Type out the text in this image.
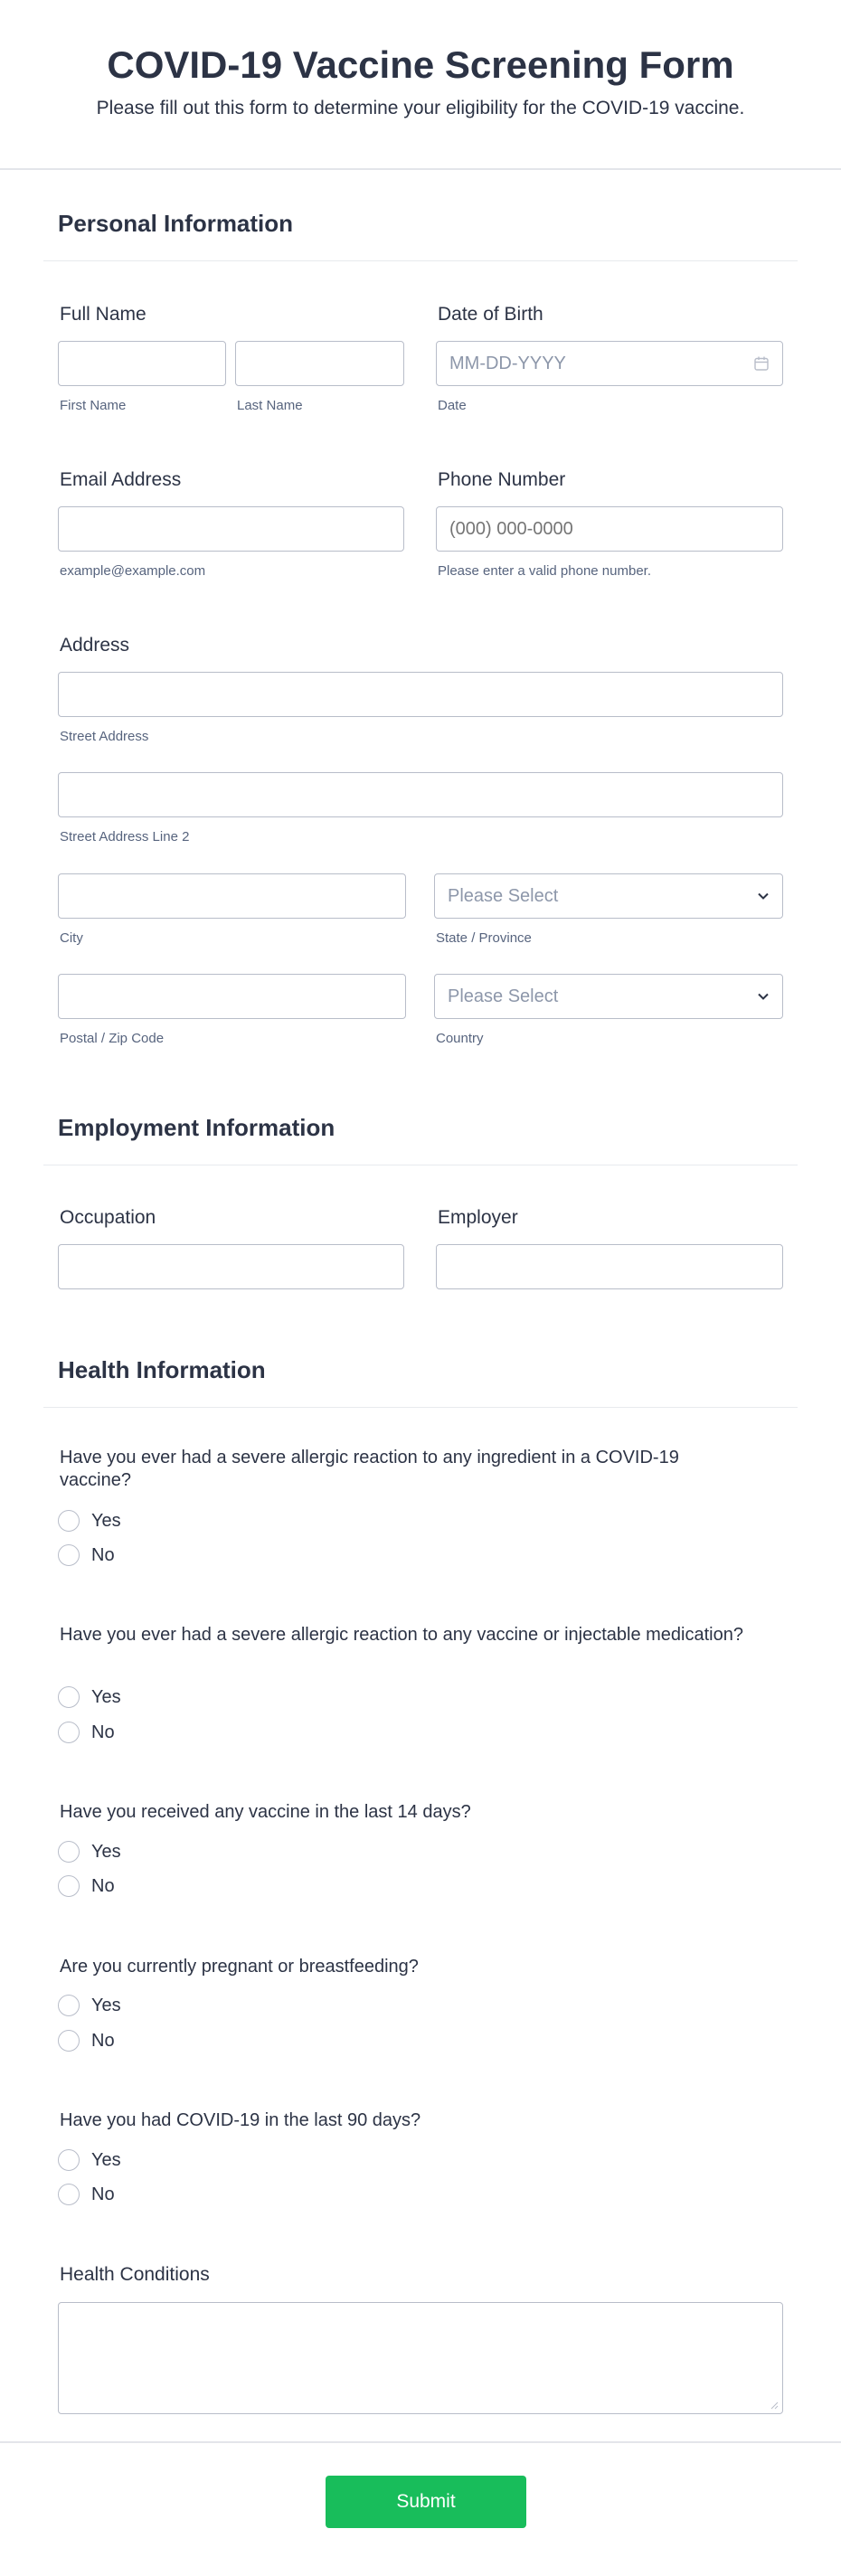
COVID-19 Vaccine Screening Form
Please fill out this form to determine your eligibility for the COVID-19 vaccine.
Personal Information
Full Name
First Name	Last Name
Date of Birth
MM-DD-YYYY
Date
Email Address
example@example.com
Phone Number
(000) 000-0000
Please enter a valid phone number.
Address
Street Address
Street Address Line 2
City
Please Select
State / Province
Postal / Zip Code
Please Select
Country
Employment Information
Occupation	Employer
Health Information
Have you ever had a severe allergic reaction to any ingredient in a COVID-19 vaccine?
Yes
No
Have you ever had a severe allergic reaction to any vaccine or injectable medication?
Yes
No
Have you received any vaccine in the last 14 days?
Yes
No
Are you currently pregnant or breastfeeding?
Yes
No
Have you had COVID-19 in the last 90 days?
Yes
No
Health Conditions
Submit
